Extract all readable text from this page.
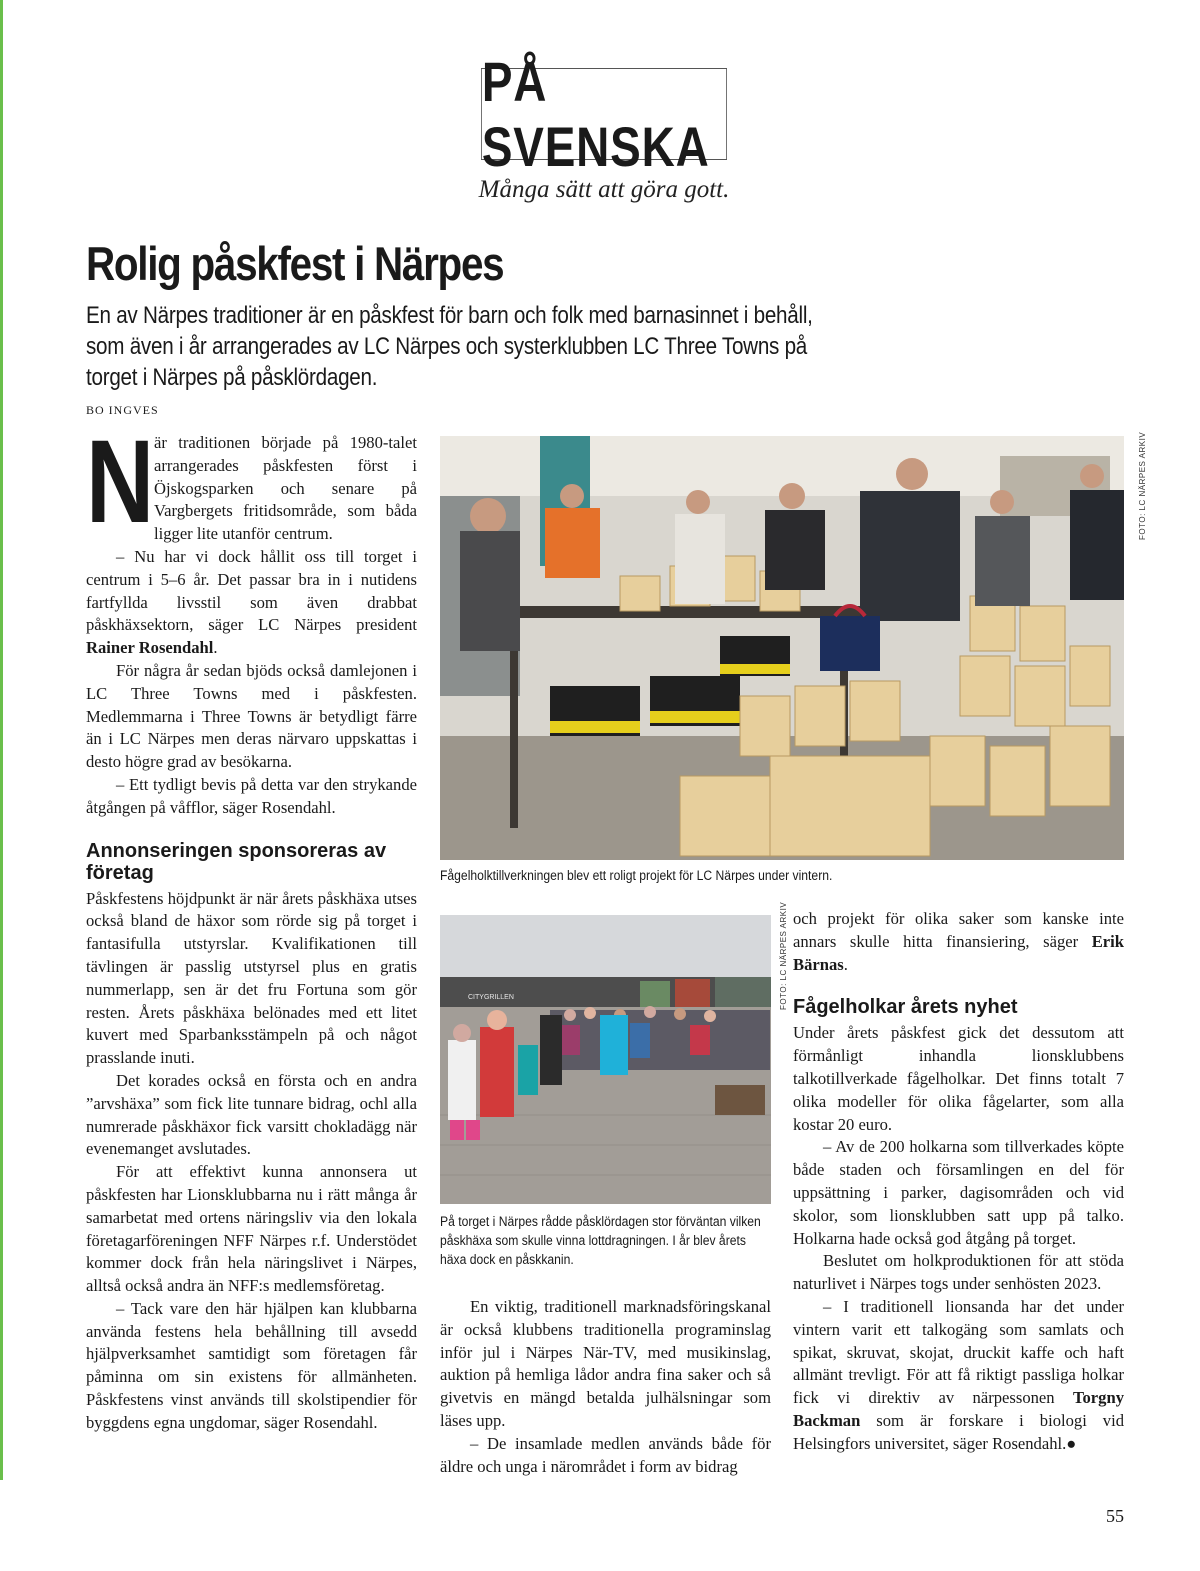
PÅ SVENSKA
Många sätt att göra gott.
Rolig påskfest i Närpes
En av Närpes traditioner är en påskfest för barn och folk med barnasinnet i behåll, som även i år arrangerades av LC Närpes och systerklubben LC Three Towns på torget i Närpes på påsklördagen.
BO INGVES
N är traditionen började på 1980-talet arrangerades påskfesten först i Öjskogsparken och senare på Vargbergets fritidsområde, som båda ligger lite utanför centrum.

– Nu har vi dock hållit oss till torget i centrum i 5–6 år. Det passar bra in i nutidens fartfyllda livsstil som även drabbat påskhäxsektorn, säger LC Närpes president Rainer Rosendahl.

För några år sedan bjöds också damlejonen i LC Three Towns med i påskfesten. Medlemmarna i Three Towns är betydligt färre än i LC Närpes men deras närvaro uppskattas i desto högre grad av besökarna.

– Ett tydligt bevis på detta var den strykande åtgången på våfflor, säger Rosendahl.

Annonseringen sponsoreras av företag

Påskfestens höjdpunkt är när årets påskhäxa utses också bland de häxor som rörde sig på torget i fantasifulla utstyrslar. Kvalifikationen till tävlingen är passlig utstyrsel plus en gratis nummerlapp, sen är det fru Fortuna som gör resten. Årets påskhäxa belönades med ett litet kuvert med Sparbanksstämpeln på och något prasslande inuti.

Det korades också en första och en andra ”arvshäxa” som fick lite tunnare bidrag, ochl alla numrerade påskhäxor fick varsitt chokladägg när evenemanget avslutades.

För att effektivt kunna annonsera ut påskfesten har Lionsklubbarna nu i rätt många år samarbetat med ortens näringsliv via den lokala företagarföreningen NFF Närpes r.f. Understödet kommer dock från hela näringslivet i Närpes, alltså också andra än NFF:s medlemsföretag.

– Tack vare den här hjälpen kan klubbarna använda festens hela behållning till avsedd hjälpverksamhet samtidigt som företagen får påminna om sin existens för allmänheten. Påskfestens vinst används till skolstipendier för byggdens egna ungdomar, säger Rosendahl.

FOTO: LC NÄRPES ARKIV
Fågelholktillverkningen blev ett roligt projekt för LC Närpes under vintern.
CITYGRILLEN	FOTO: LC NÄRPES ARKIV
På torget i Närpes rådde påsklördagen stor förväntan vilken påskhäxa som skulle vinna lottdragningen. I år blev årets häxa dock en påskkanin.

En viktig, traditionell marknadsföringskanal är också klubbens traditionella programinslag inför jul i Närpes När-TV, med musikinslag, auktion på hemliga lådor andra fina saker och så givetvis en mängd betalda julhälsningar som läses upp.

– De insamlade medlen används både för äldre och unga i närområdet i form av bidrag

och projekt för olika saker som kanske inte annars skulle hitta finansiering, säger Erik Bärnas.

Fågelholkar årets nyhet

Under årets påskfest gick det dessutom att förmånligt inhandla lionsklubbens talkotillverkade fågelholkar. Det finns totalt 7 olika modeller för olika fågelarter, som alla kostar 20 euro.

– Av de 200 holkarna som tillverkades köpte både staden och församlingen en del för uppsättning i parker, dagisområden och vid skolor, som lionsklubben satt upp på talko. Holkarna hade också god åtgång på torget.

Beslutet om holkproduktionen för att stöda naturlivet i Närpes togs under senhösten 2023.

– I traditionell lionsanda har det under vintern varit ett talkogäng som samlats och spikat, skruvat, skojat, druckit kaffe och haft allmänt trevligt. För att få riktigt passliga holkar fick vi direktiv av närpessonen Torgny Backman som är forskare i biologi vid Helsingfors universitet, säger Rosendahl.●

55
